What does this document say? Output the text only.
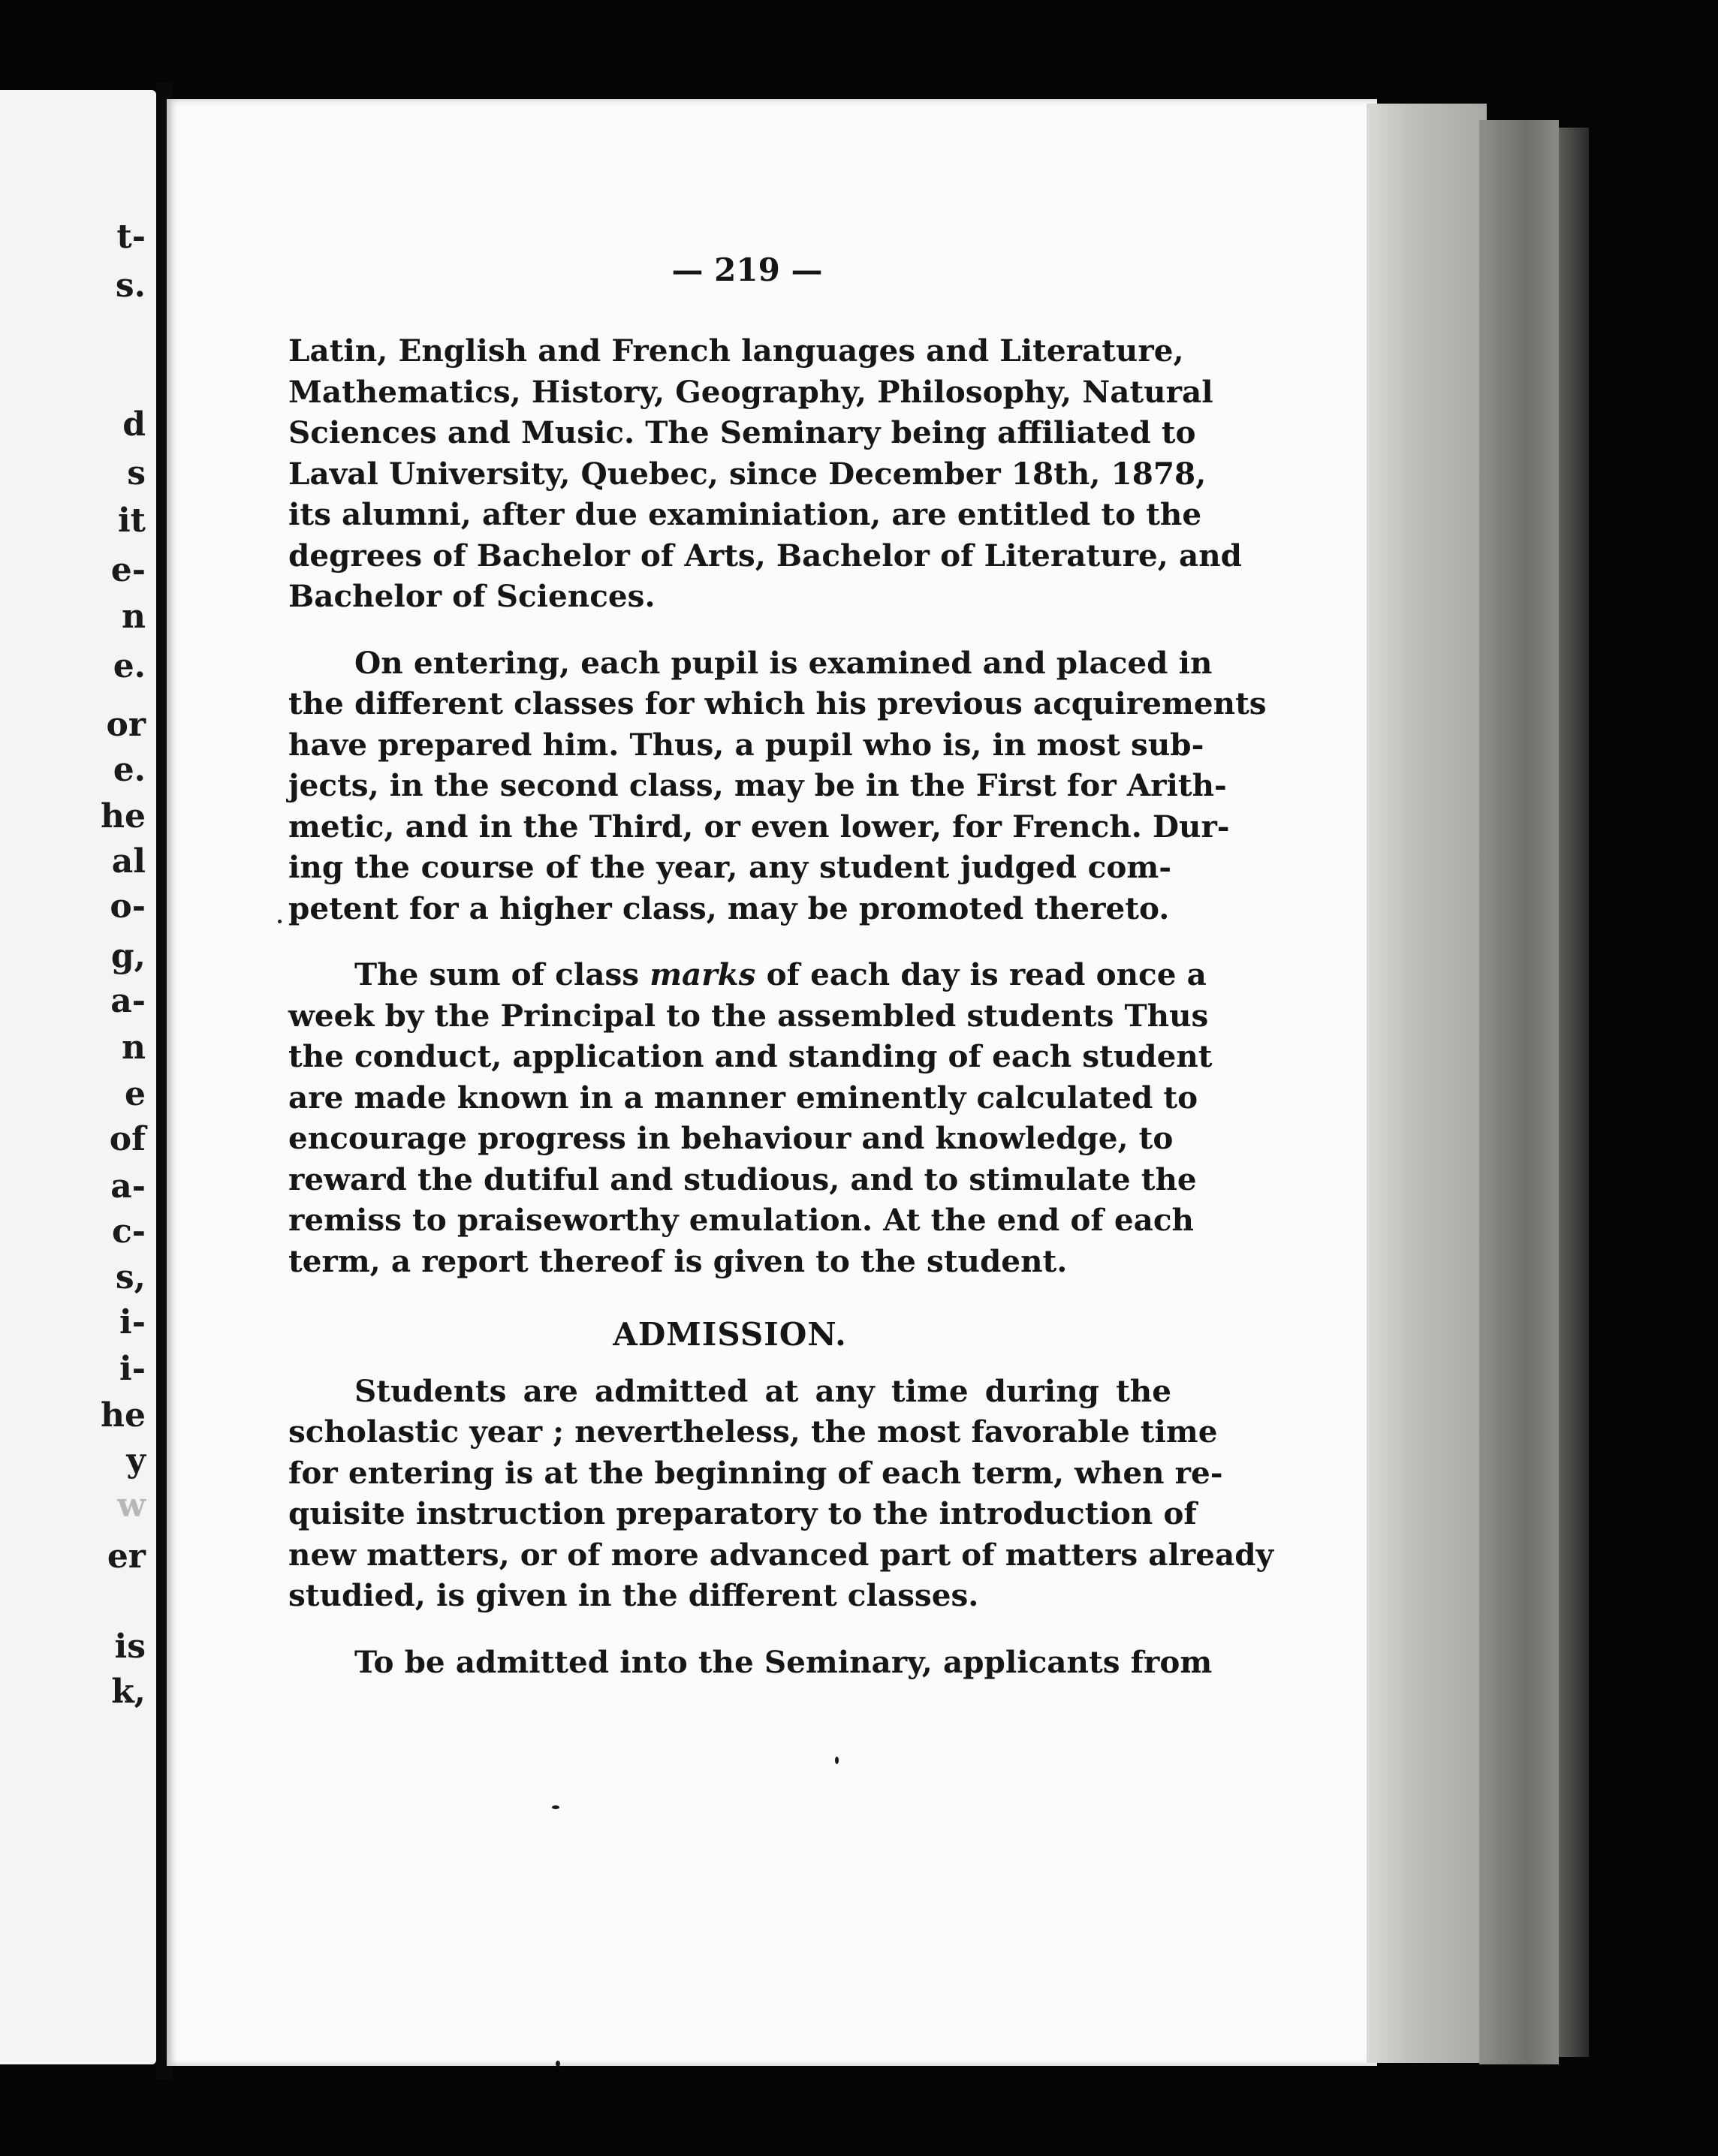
t-
s.
d
s
it
e-
n
e.
or
e.
he
al
o-
g,
a-
n
e
of
a-
c-
s,
i-
i-
he
y
w
er
is
k,
— 219 —
Latin, English and French languages and Literature,
Mathematics, History, Geography, Philosophy, Natural
Sciences and Music. The Seminary being affiliated to
Laval University, Quebec, since December 18th, 1878,
its alumni, after due examiniation, are entitled to the
degrees of Bachelor of Arts, Bachelor of Literature, and
Bachelor of Sciences.
On entering, each pupil is examined and placed in
the different classes for which his previous acquirements
have prepared him. Thus, a pupil who is, in most sub-
jects, in the second class, may be in the First for Arith-
metic, and in the Third, or even lower, for French. Dur-
ing the course of the year, any student judged com-
petent for a higher class, may be promoted thereto.
The sum of class marks of each day is read once a
week by the Principal to the assembled students Thus
the conduct, application and standing of each student
are made known in a manner eminently calculated to
encourage progress in behaviour and knowledge, to
reward the dutiful and studious, and to stimulate the
remiss to praiseworthy emulation. At the end of each
term, a report thereof is given to the student.
ADMISSION.
Students are admitted at any time during the
scholastic year ; nevertheless, the most favorable time
for entering is at the beginning of each term, when re-
quisite instruction preparatory to the introduction of
new matters, or of more advanced part of matters already
studied, is given in the different classes.
To be admitted into the Seminary, applicants from
